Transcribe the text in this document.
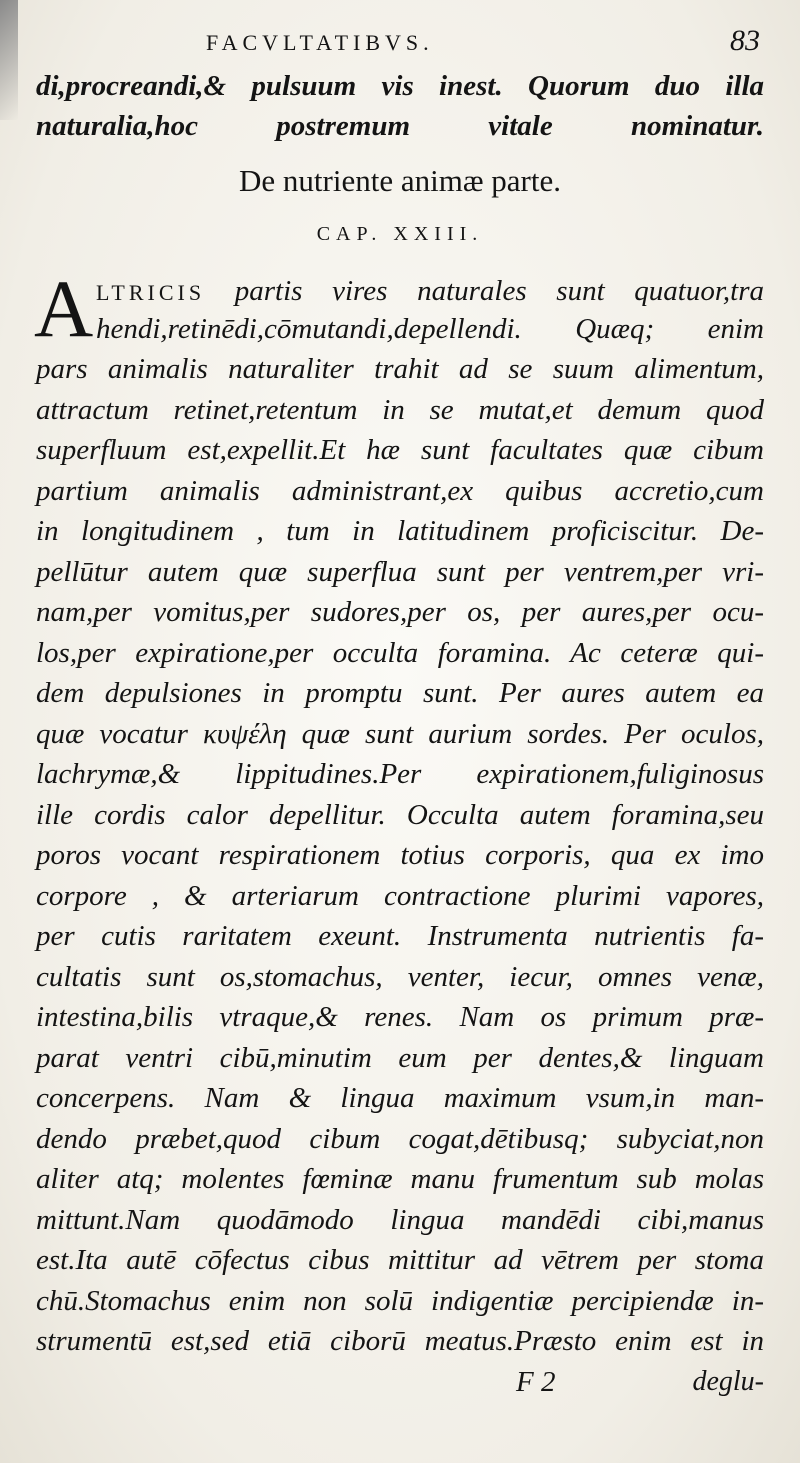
FACVLTATIBVS.	83
di,procreandi,& pulsuum vis inest. Quorum duo illa
naturalia,hoc postremum vitale nominatur.
De nutriente animæ parte.
CAP. XXIII.
A LTRICIS partis vires naturales sunt quatuor,tra
hendi,retinēdi,cōmutandi,depellendi. Quæq; enim
pars animalis naturaliter trahit ad se suum alimentum,
attractum retinet,retentum in se mutat,et demum quod
superfluum est,expellit.Et hæ sunt facultates quæ cibum
partium animalis administrant,ex quibus accretio,cum
in longitudinem , tum in latitudinem proficiscitur. De-
pellūtur autem quæ superflua sunt per ventrem,per vri-
nam,per vomitus,per sudores,per os, per aures,per ocu-
los,per expiratione,per occulta foramina. Ac ceteræ qui-
dem depulsiones in promptu sunt. Per aures autem ea
quæ vocatur κυψέλη quæ sunt aurium sordes. Per oculos,
lachrymæ,& lippitudines.Per expirationem,fuliginosus
ille cordis calor depellitur. Occulta autem foramina,seu
poros vocant respirationem totius corporis, qua ex imo
corpore , & arteriarum contractione plurimi vapores,
per cutis raritatem exeunt. Instrumenta nutrientis fa-
cultatis sunt os,stomachus, venter, iecur, omnes venæ,
intestina,bilis vtraque,& renes. Nam os primum præ-
parat ventri cibū,minutim eum per dentes,& linguam
concerpens. Nam & lingua maximum vsum,in man-
dendo præbet,quod cibum cogat,dētibusq; subyciat,non
aliter atq; molentes fœminæ manu frumentum sub molas
mittunt.Nam quodāmodo lingua mandēdi cibi,manus
est.Ita autē cōfectus cibus mittitur ad vētrem per stoma
chū.Stomachus enim non solū indigentiæ percipiendæ in-
strumentū est,sed etiā ciborū meatus.Præsto enim est in
F 2	deglu-
